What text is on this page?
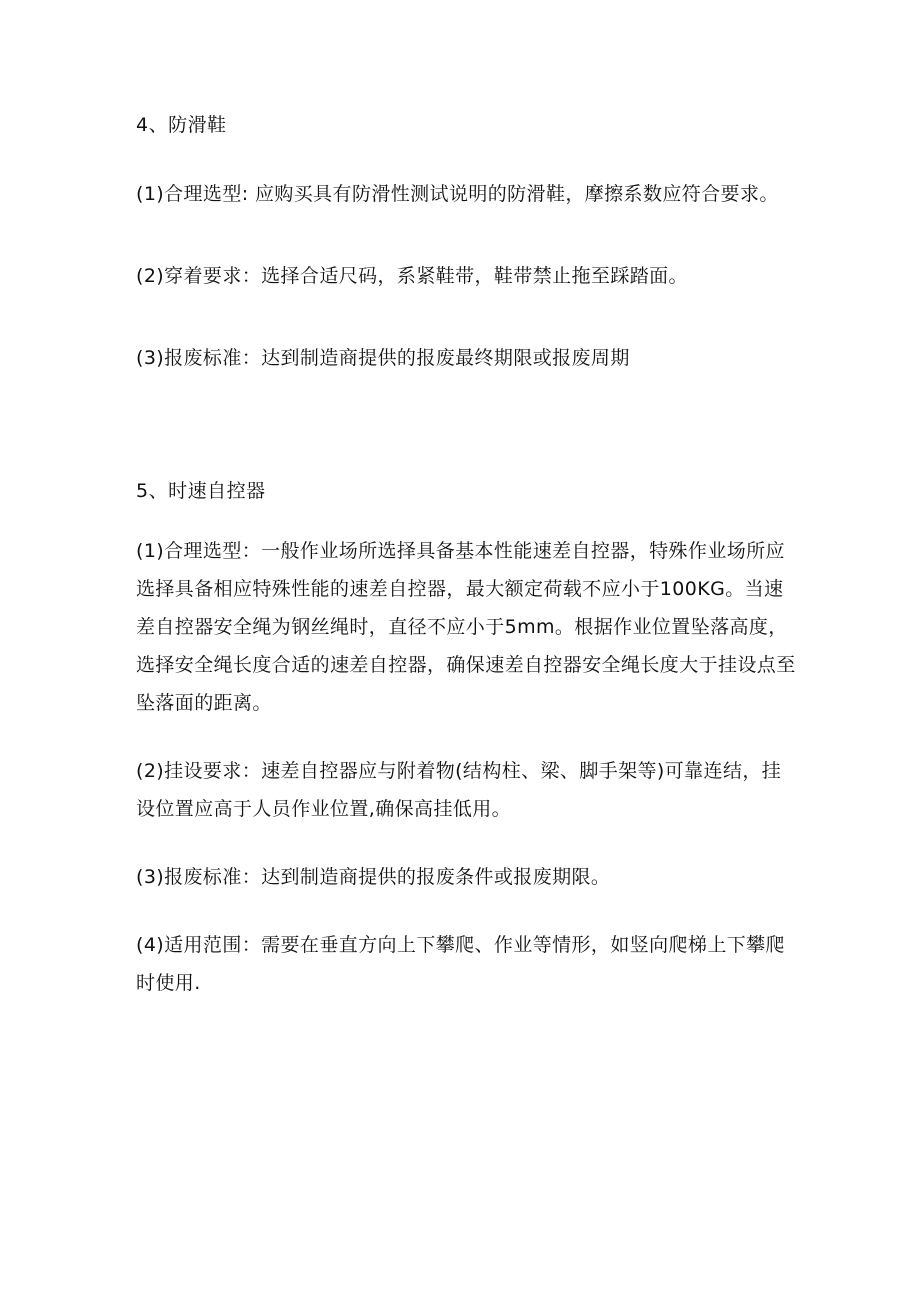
4、防滑鞋

(1)合理选型: 应购买具有防滑性测试说明的防滑鞋，摩擦系数应符合要求。

(2)穿着要求：选择合适尺码，系紧鞋带，鞋带禁止拖至踩踏面。

(3)报废标准：达到制造商提供的报废最终期限或报废周期

5、时速自控器

(1)合理选型：一般作业场所选择具备基本性能速差自控器，特殊作业场所应选择具备相应特殊性能的速差自控器，最大额定荷载不应小于100KG。当速差自控器安全绳为钢丝绳时，直径不应小于5mm。根据作业位置坠落高度，选择安全绳长度合适的速差自控器，确保速差自控器安全绳长度大于挂设点至坠落面的距离。

(2)挂设要求：速差自控器应与附着物(结构柱、梁、脚手架等)可靠连结，挂设位置应高于人员作业位置,确保高挂低用。

(3)报废标准：达到制造商提供的报废条件或报废期限。

(4)适用范围：需要在垂直方向上下攀爬、作业等情形，如竖向爬梯上下攀爬时使用.
